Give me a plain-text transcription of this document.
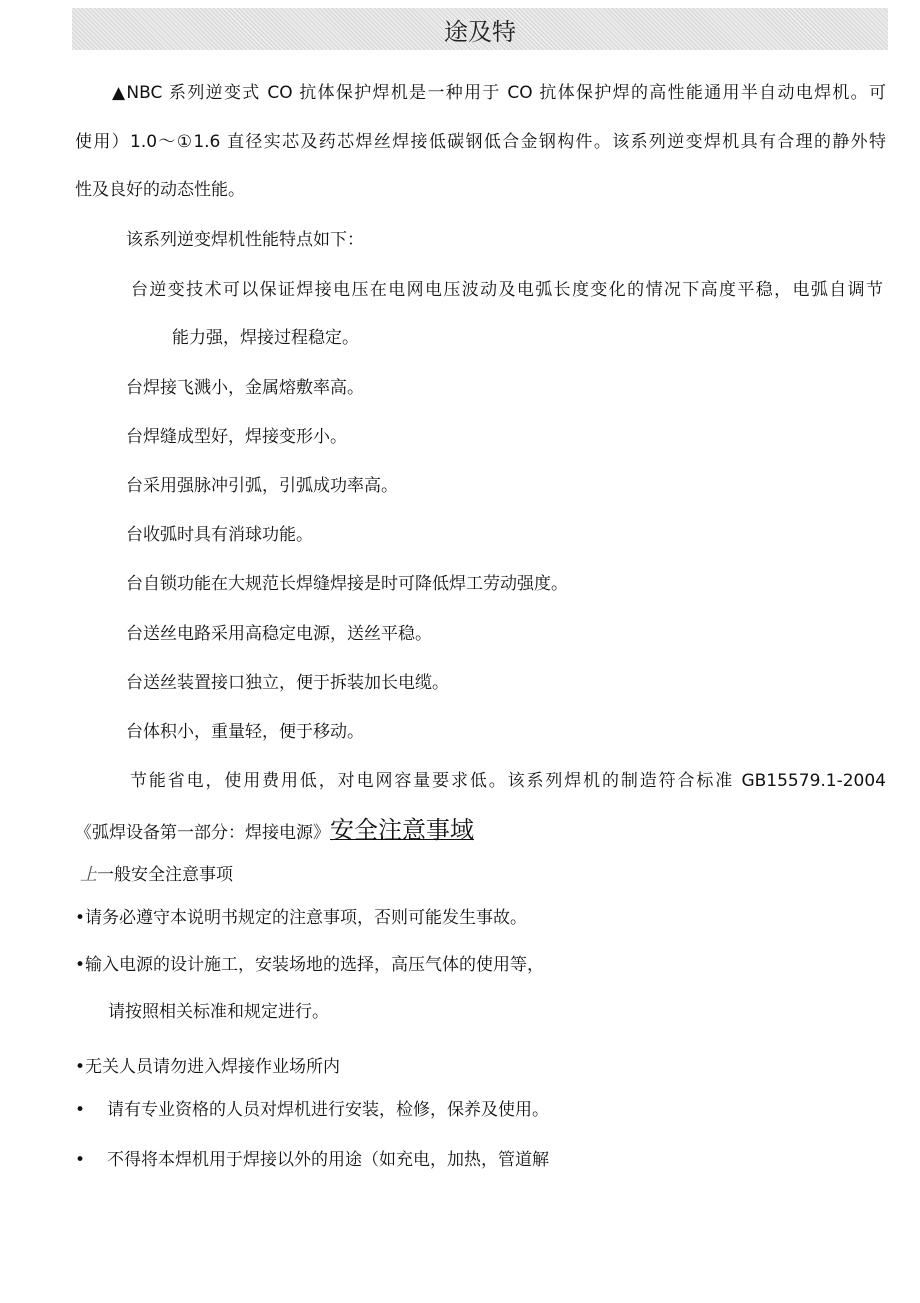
途及特
▲NBC 系列逆变式 CO 抗体保护焊机是一种用于 CO 抗体保护焊的高性能通用半自动电焊机。可
使用）1.0〜①1.6 直径实芯及药芯焊丝焊接低碳钢低合金钢构件。该系列逆变焊机具有合理的静外特
性及良好的动态性能。
该系列逆变焊机性能特点如下：
台逆变技术可以保证焊接电压在电网电压波动及电弧长度变化的情况下高度平稳，电弧自调节
能力强，焊接过程稳定。
台焊接飞溅小，金属熔敷率高。
台焊缝成型好，焊接变形小。
台采用强脉冲引弧，引弧成功率高。
台收弧时具有消球功能。
台自锁功能在大规范长焊缝焊接是时可降低焊工劳动强度。
台送丝电路采用高稳定电源，送丝平稳。
台送丝装置接口独立，便于拆装加长电缆。
台体积小，重量轻，便于移动。
节能省电，使用费用低，对电网容量要求低。该系列焊机的制造符合标准 GB15579.1-2004
《弧焊设备第一部分：焊接电源》安全注意事域
上一般安全注意事项
•请务必遵守本说明书规定的注意事项，否则可能发生事故。
•输入电源的设计施工，安装场地的选择，高压气体的使用等，
请按照相关标准和规定进行。
•无关人员请勿进入焊接作业场所内
• 请有专业资格的人员对焊机进行安装，检修，保养及使用。
• 不得将本焊机用于焊接以外的用途（如充电，加热，管道解
